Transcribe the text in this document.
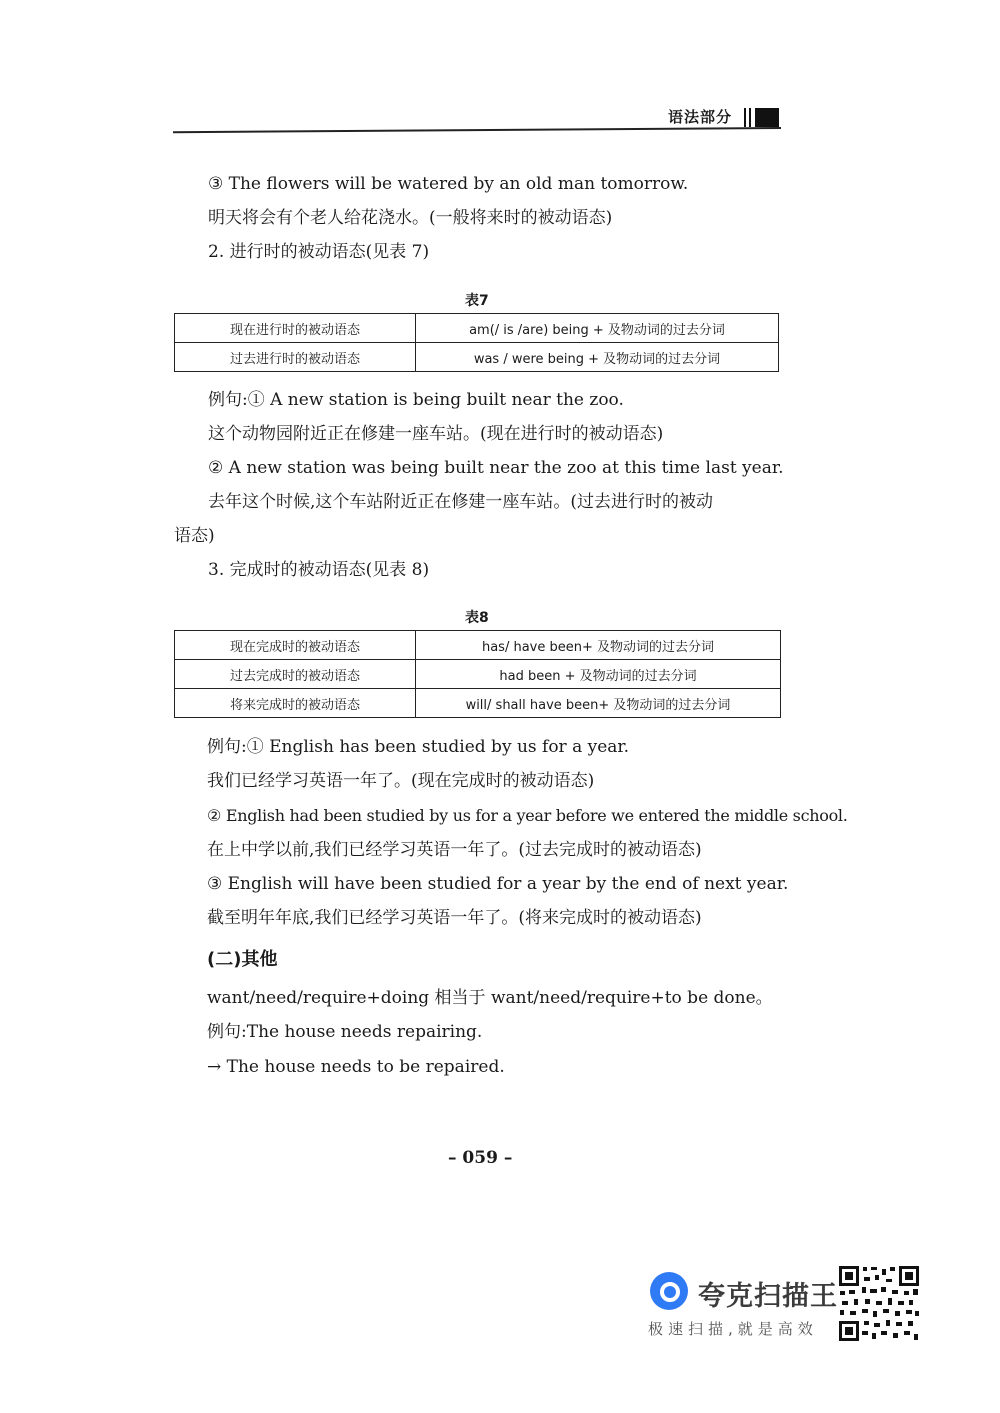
语法部分
③ The flowers will be watered by an old man tomorrow.
明天将会有个老人给花浇水。(一般将来时的被动语态)
2. 进行时的被动语态(见表 7)
表7
现在进行时的被动语态	am(/ is /are) being + 及物动词的过去分词
过去进行时的被动语态	was / were being + 及物动词的过去分词
例句:① A new station is being built near the zoo.
这个动物园附近正在修建一座车站。(现在进行时的被动语态)
② A new station was being built near the zoo at this time last year.
去年这个时候,这个车站附近正在修建一座车站。(过去进行时的被动
语态)
3. 完成时的被动语态(见表 8)
表8
现在完成时的被动语态	has/ have been+ 及物动词的过去分词
过去完成时的被动语态	had been + 及物动词的过去分词
将来完成时的被动语态	will/ shall have been+ 及物动词的过去分词
例句:① English has been studied by us for a year.
我们已经学习英语一年了。(现在完成时的被动语态)
② English had been studied by us for a year before we entered the middle school.
在上中学以前,我们已经学习英语一年了。(过去完成时的被动语态)
③ English will have been studied for a year by the end of next year.
截至明年年底,我们已经学习英语一年了。(将来完成时的被动语态)
(二)其他
want/need/require+doing 相当于 want/need/require+to be done。
例句:The house needs repairing.
→ The house needs to be repaired.
– 059 –
夸克扫描王
极速扫描,就是高效
